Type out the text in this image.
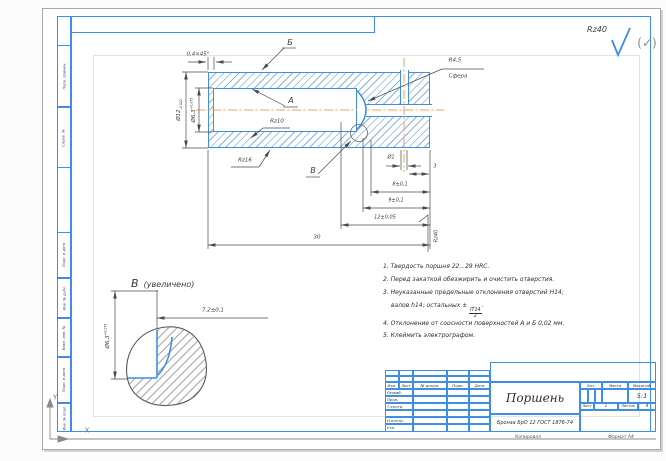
Перв. примен.
Справ. №
Подп. и дата
Инв. № дубл.
Взам. инв. №
Подп. и дата
Инв. № подл.
Изм.	Лист	№ докум.	Подп.	Дата
Разраб.
Пров.
Т.контр.
Н.контр.
Утв.
Поршень
Бронза БрО 12 ГОСТ 1876-74
Лит.	Масса	Масштаб
5:1
Лист	1	Листов	4
Копировал	Формат А4
Rz40
(✓)
0,4×45°
$Ø12_{-0,022}$
$Ø6,3^{+0,075}$
Б
А
Rz10
Rz16
В
R4,5
Сфера
Ø1
3
8±0,1
9±0,1
12±0,05
30	Rz40
В (увеличено)
7,2±0,1
$Ø6,3^{+0,075}$
1. Твердость поршня 22...29 HRC.
2. Перед закаткой обезжирить и очистить отверстия.
3. Неуказанные предельные отклонения отверстий H14;
валов h14; остальных ±
$\frac{IT14}{2}$
.
4. Отклонение от соосности поверхностей А и Б 0,02 мм.
5. Клеймить электрографом.
Y
X
